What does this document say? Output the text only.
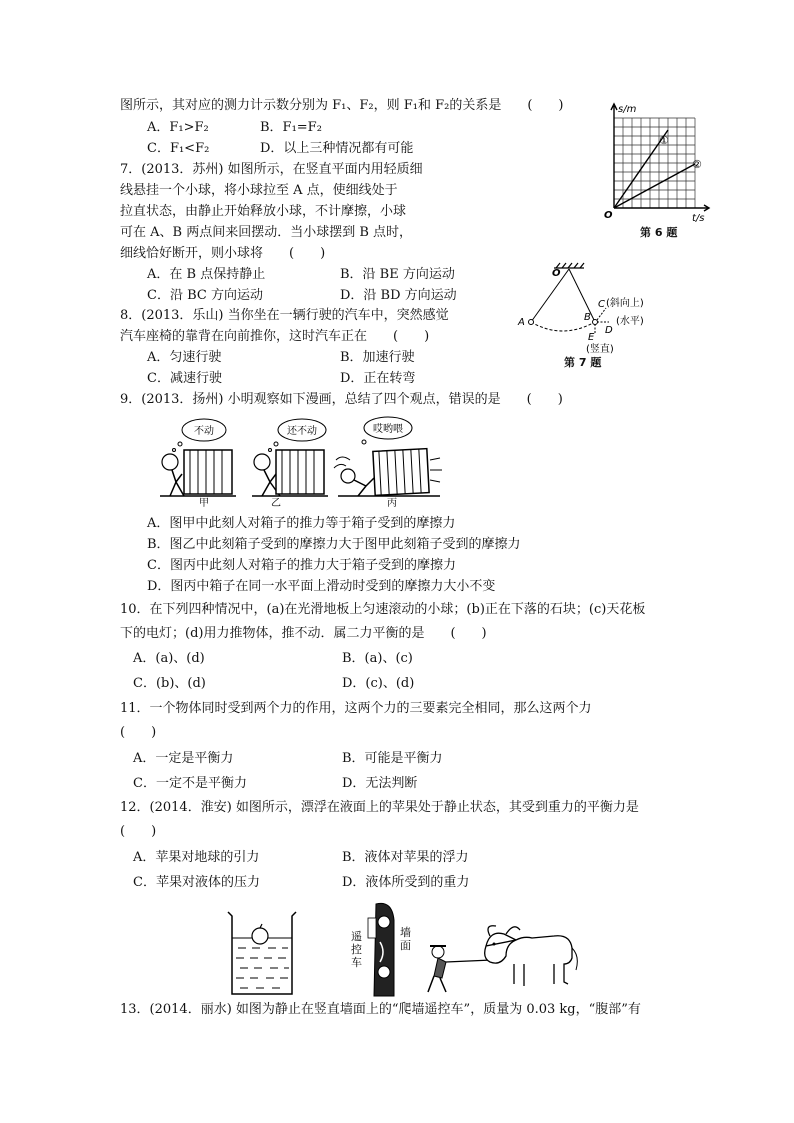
图所示，其对应的测力计示数分别为 F₁、F₂，则 F₁和 F₂的关系是　　(　　)
A．F₁>F₂	B．F₁=F₂
C．F₁<F₂	D．以上三种情况都有可能
s/m
t/s
O
①
②
第 6 题
7．(2013．苏州) 如图所示，在竖直平面内用轻质细
线悬挂一个小球，将小球拉至 A 点，使细线处于
拉直状态，由静止开始释放小球，不计摩擦，小球
可在 A、B 两点间来回摆动．当小球摆到 B 点时，
细线恰好断开，则小球将　　(　　)
A．在 B 点保持静止	B．沿 BE 方向运动
C．沿 BC 方向运动	D．沿 BD 方向运动
O
A	B
C
D
E
(斜向上)
(水平)
(竖直)
第 7 题
8．(2013．乐山) 当你坐在一辆行驶的汽车中，突然感觉
汽车座椅的靠背在向前推你，这时汽车正在　　(　　)
A．匀速行驶	B．加速行驶
C．减速行驶	D．正在转弯
9．(2013．扬州) 小明观察如下漫画，总结了四个观点，错误的是　　(　　)
不动	还不动	哎哟喂
甲	乙	丙
A．图甲中此刻人对箱子的推力等于箱子受到的摩擦力
B．图乙中此刻箱子受到的摩擦力大于图甲此刻箱子受到的摩擦力
C．图丙中此刻人对箱子的推力大于箱子受到的摩擦力
D．图丙中箱子在同一水平面上滑动时受到的摩擦力大小不变
10．在下列四种情况中，(a)在光滑地板上匀速滚动的小球；(b)正在下落的石块；(c)天花板
下的电灯；(d)用力推物体，推不动．属二力平衡的是　　(　　)
A．(a)、(d)	B．(a)、(c)
C．(b)、(d)	D．(c)、(d)
11．一个物体同时受到两个力的作用，这两个力的三要素完全相同，那么这两个力
(　　)
A．一定是平衡力	B．可能是平衡力
C．一定不是平衡力	D．无法判断
12．(2014．淮安) 如图所示，漂浮在液面上的苹果处于静止状态，其受到重力的平衡力是
(　　)
A．苹果对地球的引力	B．液体对苹果的浮力
C．苹果对液体的压力	D．液体所受到的重力
墙
面
遥
控
车
13．(2014．丽水) 如图为静止在竖直墙面上的“爬墙遥控车”，质量为 0.03 kg，“腹部”有
